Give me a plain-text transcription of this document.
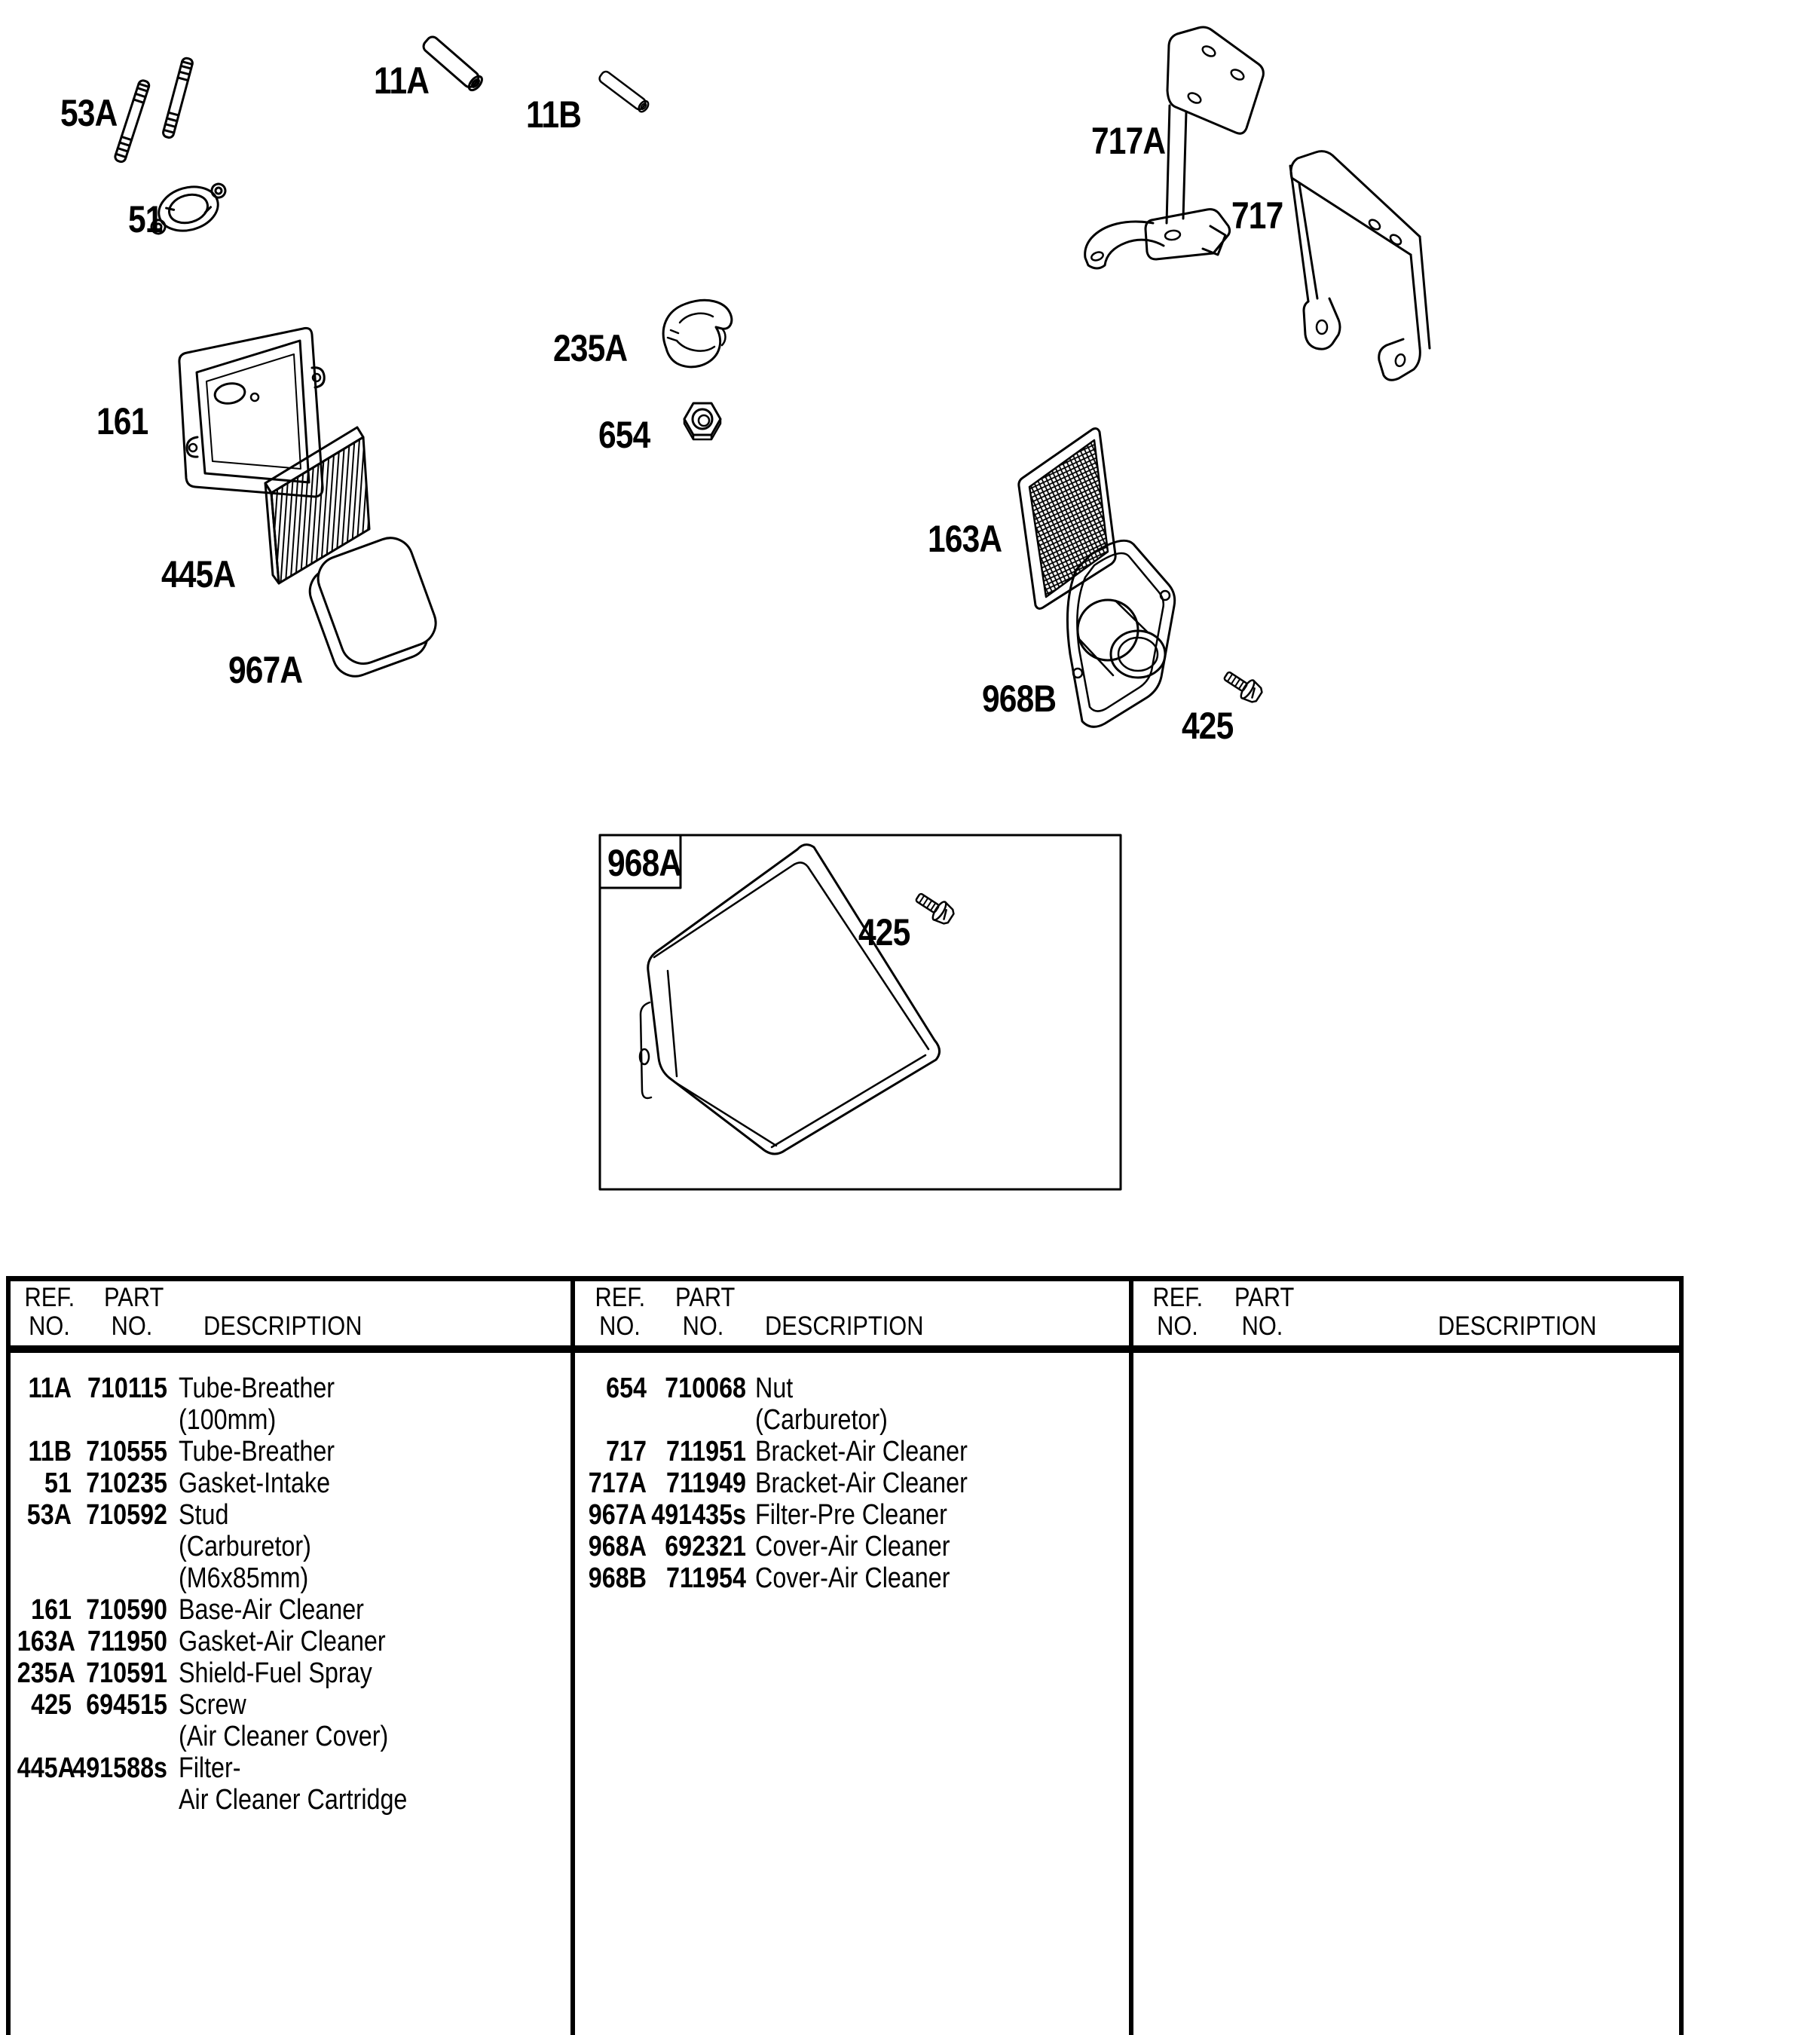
53A
11A
11B
51
717A
717
161
445A
967A
235A
654
163A
968B
425
968A
425
REF.
NO.
PART
NO. DESCRIPTION
REF.
NO.
PART
NO. DESCRIPTION
REF.
NO.
PART
NO.	DESCRIPTION
11A 710115 Tube-Breather
(100mm)
11B 710555 Tube-Breather
51 710235 Gasket-Intake
53A 710592 Stud
(Carburetor)
(M6x85mm)
161 710590 Base-Air Cleaner
163A 711950 Gasket-Air Cleaner
235A 710591 Shield-Fuel Spray
425 694515 Screw
(Air Cleaner Cover)
445A
491588s Filter-
Air Cleaner Cartridge
654 710068 Nut
(Carburetor)
717 711951 Bracket-Air Cleaner
717A 711949 Bracket-Air Cleaner
967A 491435s Filter-Pre Cleaner
968A 692321 Cover-Air Cleaner
968B 711954 Cover-Air Cleaner
